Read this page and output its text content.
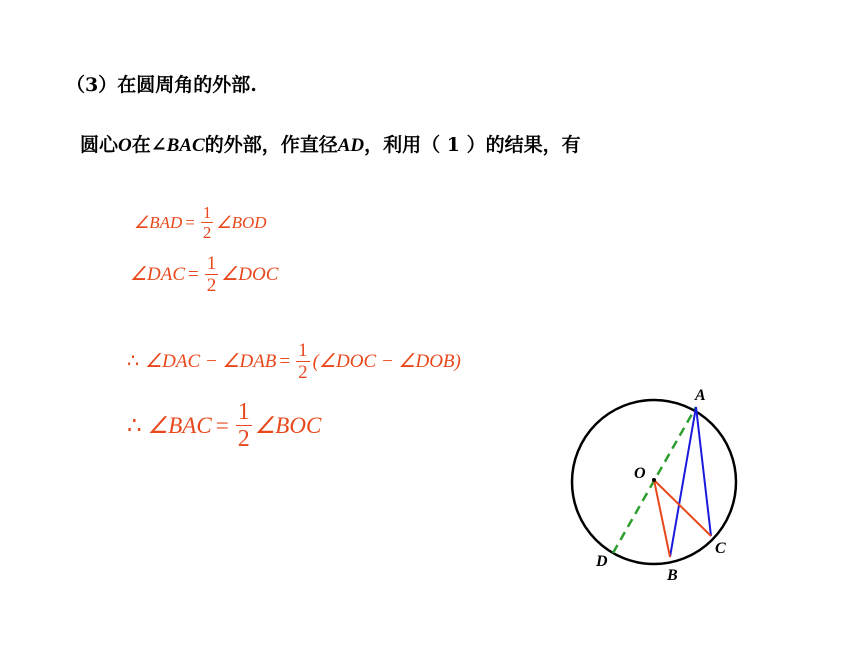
（3）在圆周角的外部.
圆心O在∠BAC的外部，作直径AD，利用（ 1 ）的结果，有
∠BAD = $\frac{1}{2}$ ∠BOD
∠DAC = $\frac{1}{2}$ ∠DOC
∴ ∠DAC − ∠DAB = $\frac{1}{2}$ (∠DOC − ∠DOB)
∴ ∠BAC = $\frac{1}{2}$ ∠BOC
A
O
D
B
C
